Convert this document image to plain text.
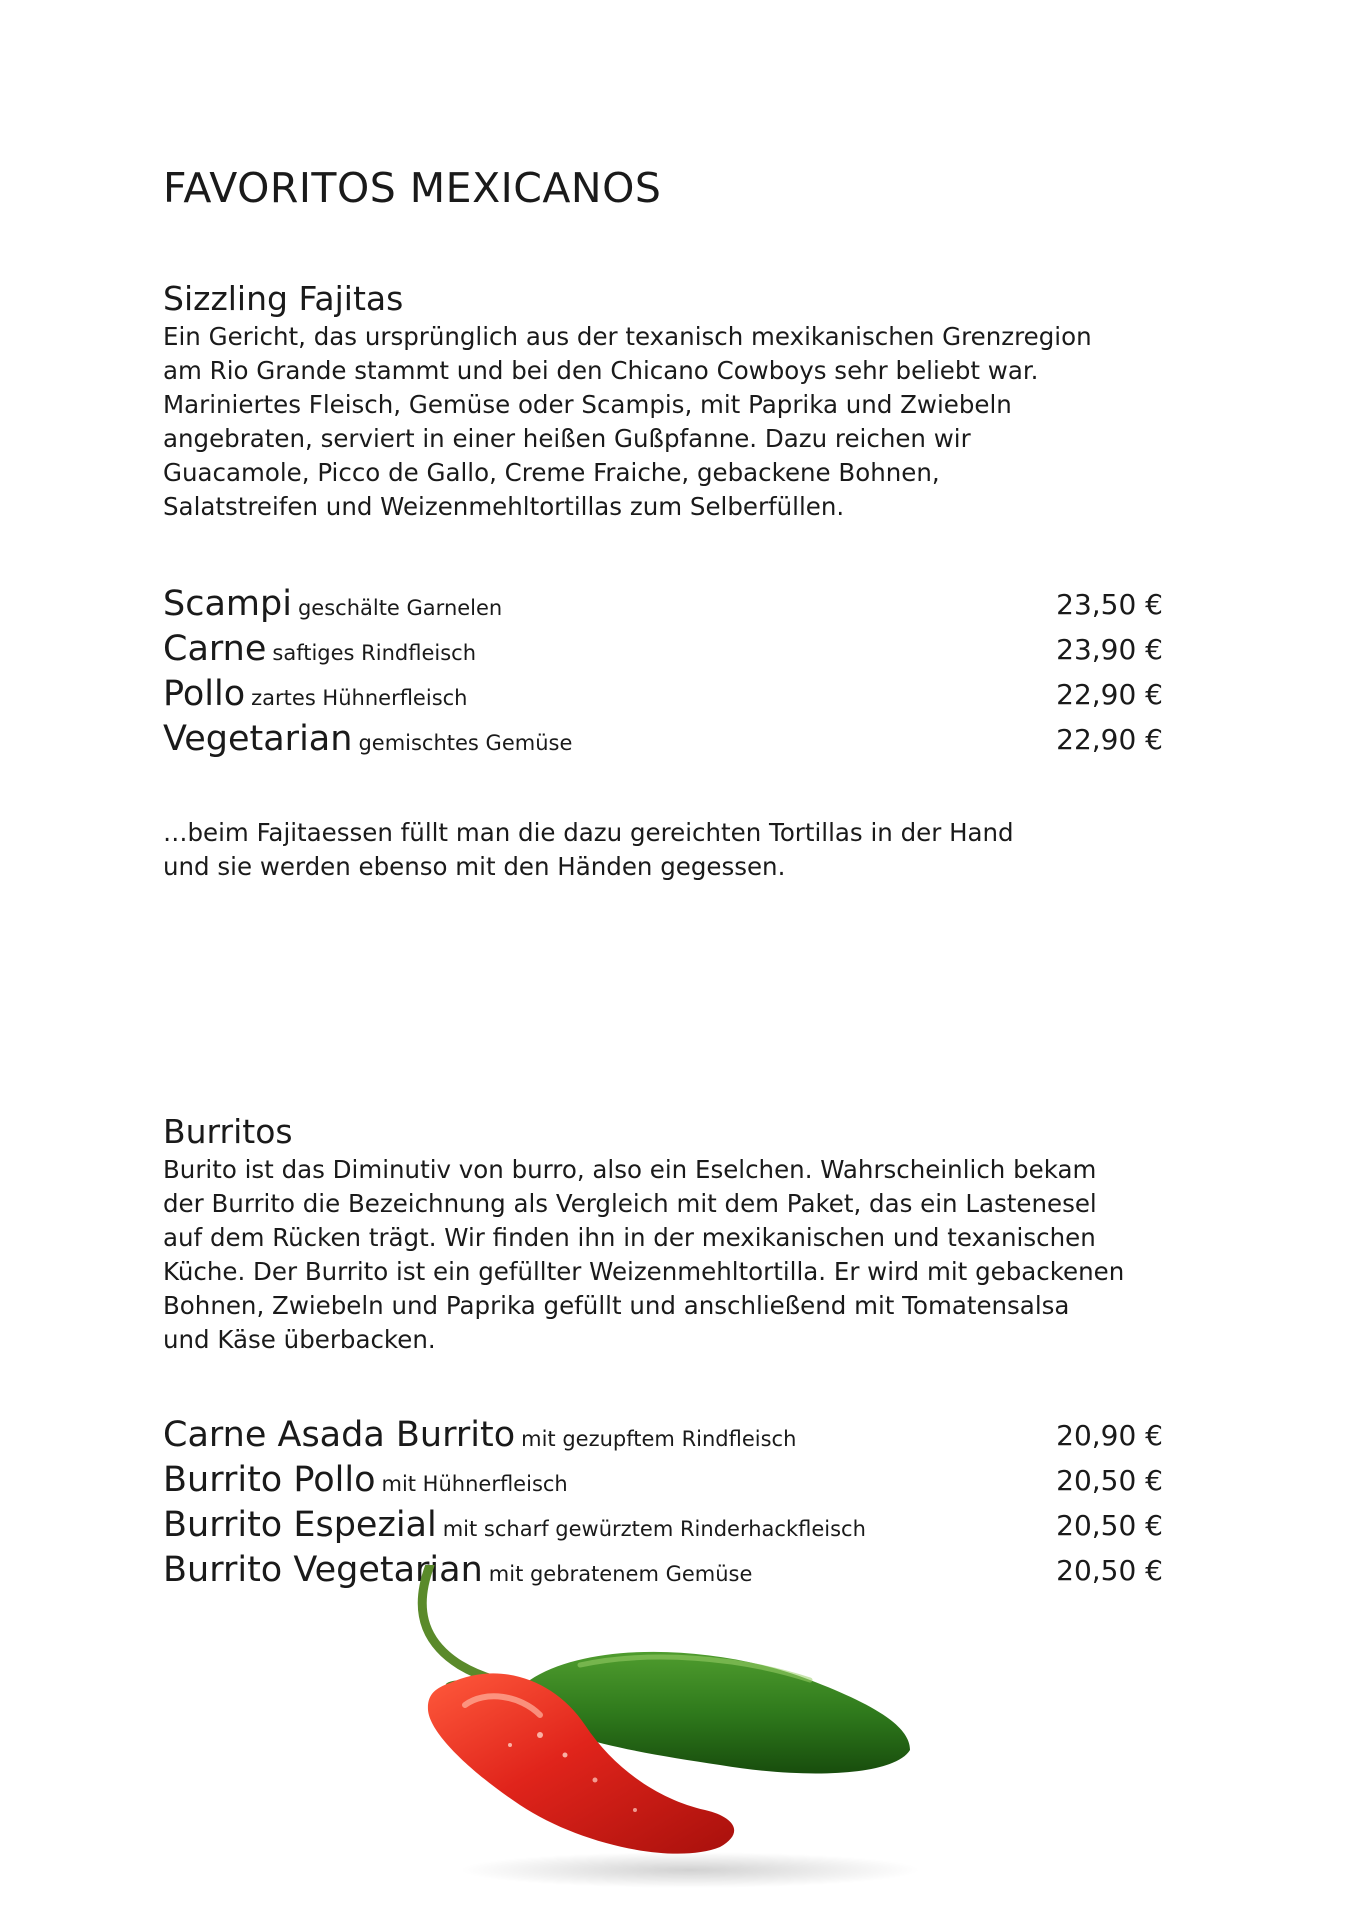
FAVORITOS MEXICANOS
Sizzling Fajitas

Ein Gericht, das ursprünglich aus der texanisch mexikanischen Grenzregion
am Rio Grande stammt und bei den Chicano Cowboys sehr beliebt war.
Mariniertes Fleisch, Gemüse oder Scampis, mit Paprika und Zwiebeln
angebraten, serviert in einer heißen Gußpfanne. Dazu reichen wir
Guacamole, Picco de Gallo, Creme Fraiche, gebackene Bohnen,
Salatstreifen und Weizenmehltortillas zum Selberfüllen.

Scampi geschälte Garnelen	23,50 €
Carne saftiges Rindfleisch	23,90 €
Pollo zartes Hühnerfleisch	22,90 €
Vegetarian gemischtes Gemüse	22,90 €

…beim Fajitaessen füllt man die dazu gereichten Tortillas in der Hand
und sie werden ebenso mit den Händen gegessen.

Burritos

Burito ist das Diminutiv von burro, also ein Eselchen. Wahrscheinlich bekam
der Burrito die Bezeichnung als Vergleich mit dem Paket, das ein Lastenesel
auf dem Rücken trägt. Wir finden ihn in der mexikanischen und texanischen
Küche. Der Burrito ist ein gefüllter Weizenmehltortilla. Er wird mit gebackenen
Bohnen, Zwiebeln und Paprika gefüllt und anschließend mit Tomatensalsa
und Käse überbacken.

Carne Asada Burrito mit gezupftem Rindfleisch	20,90 €
Burrito Pollo mit Hühnerfleisch	20,50 €
Burrito Espezial mit scharf gewürztem Rinderhackfleisch	20,50 €
Burrito Vegetarian mit gebratenem Gemüse	20,50 €
